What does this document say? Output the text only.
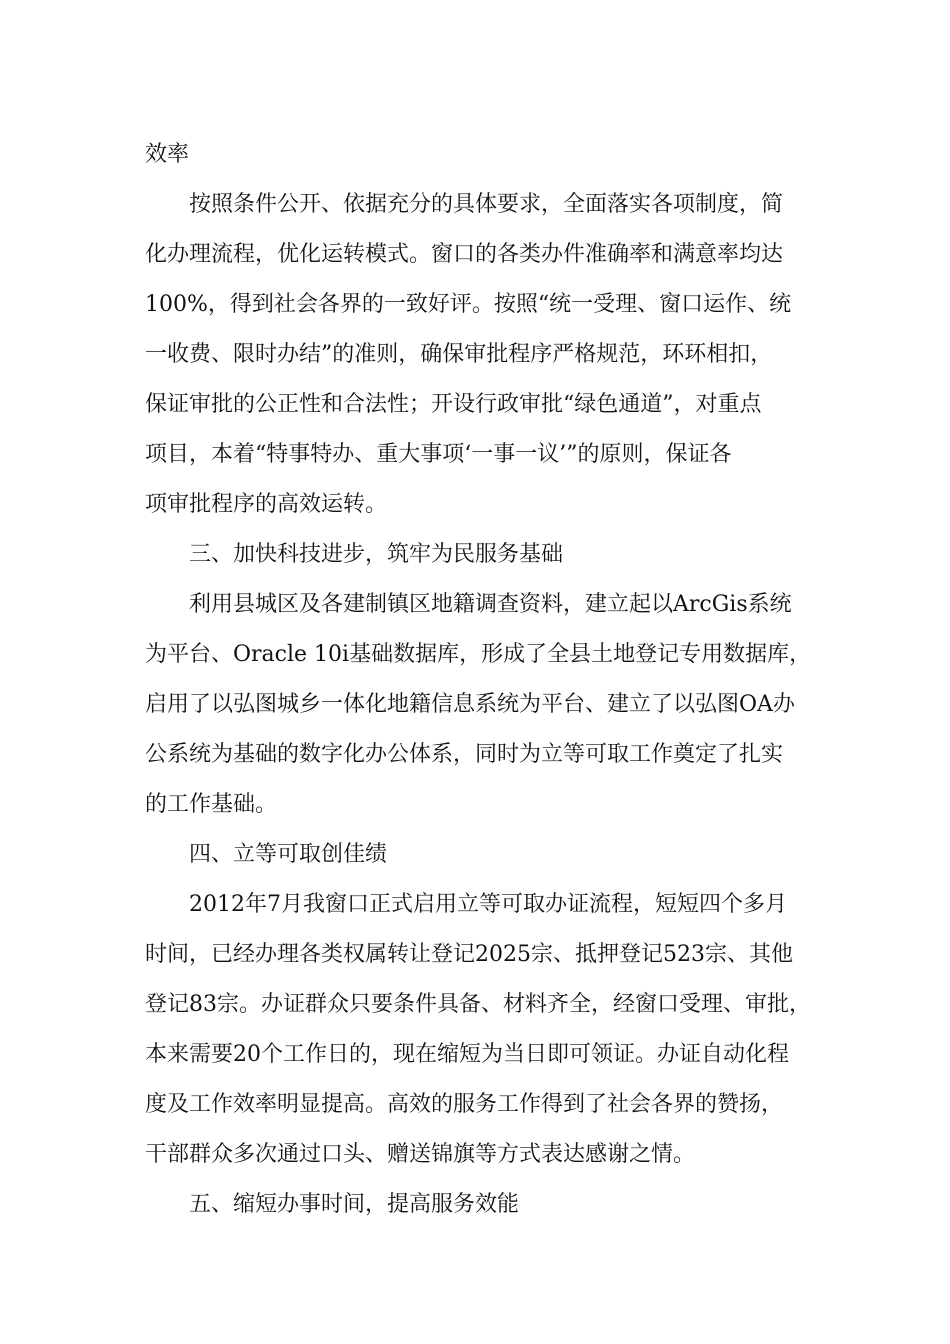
效率
按照条件公开、依据充分的具体要求，全面落实各项制度，简
化办理流程，优化运转模式。窗口的各类办件准确率和满意率均达
100%，得到社会各界的一致好评。按照“统一受理、窗口运作、统
一收费、限时办结”的准则，确保审批程序严格规范，环环相扣，
保证审批的公正性和合法性；开设行政审批“绿色通道”，对重点
项目，本着“特事特办、重大事项‘一事一议’”的原则，保证各
项审批程序的高效运转。
三、加快科技进步，筑牢为民服务基础
利用县城区及各建制镇区地籍调查资料，建立起以ArcGis系统
为平台、Oracle 10i基础数据库，形成了全县土地登记专用数据库，
启用了以弘图城乡一体化地籍信息系统为平台、建立了以弘图OA办
公系统为基础的数字化办公体系，同时为立等可取工作奠定了扎实
的工作基础。
四、立等可取创佳绩
2012年7月我窗口正式启用立等可取办证流程，短短四个多月
时间，已经办理各类权属转让登记2025宗、抵押登记523宗、其他
登记83宗。办证群众只要条件具备、材料齐全，经窗口受理、审批，
本来需要20个工作日的，现在缩短为当日即可领证。办证自动化程
度及工作效率明显提高。高效的服务工作得到了社会各界的赞扬，
干部群众多次通过口头、赠送锦旗等方式表达感谢之情。
五、缩短办事时间，提高服务效能
